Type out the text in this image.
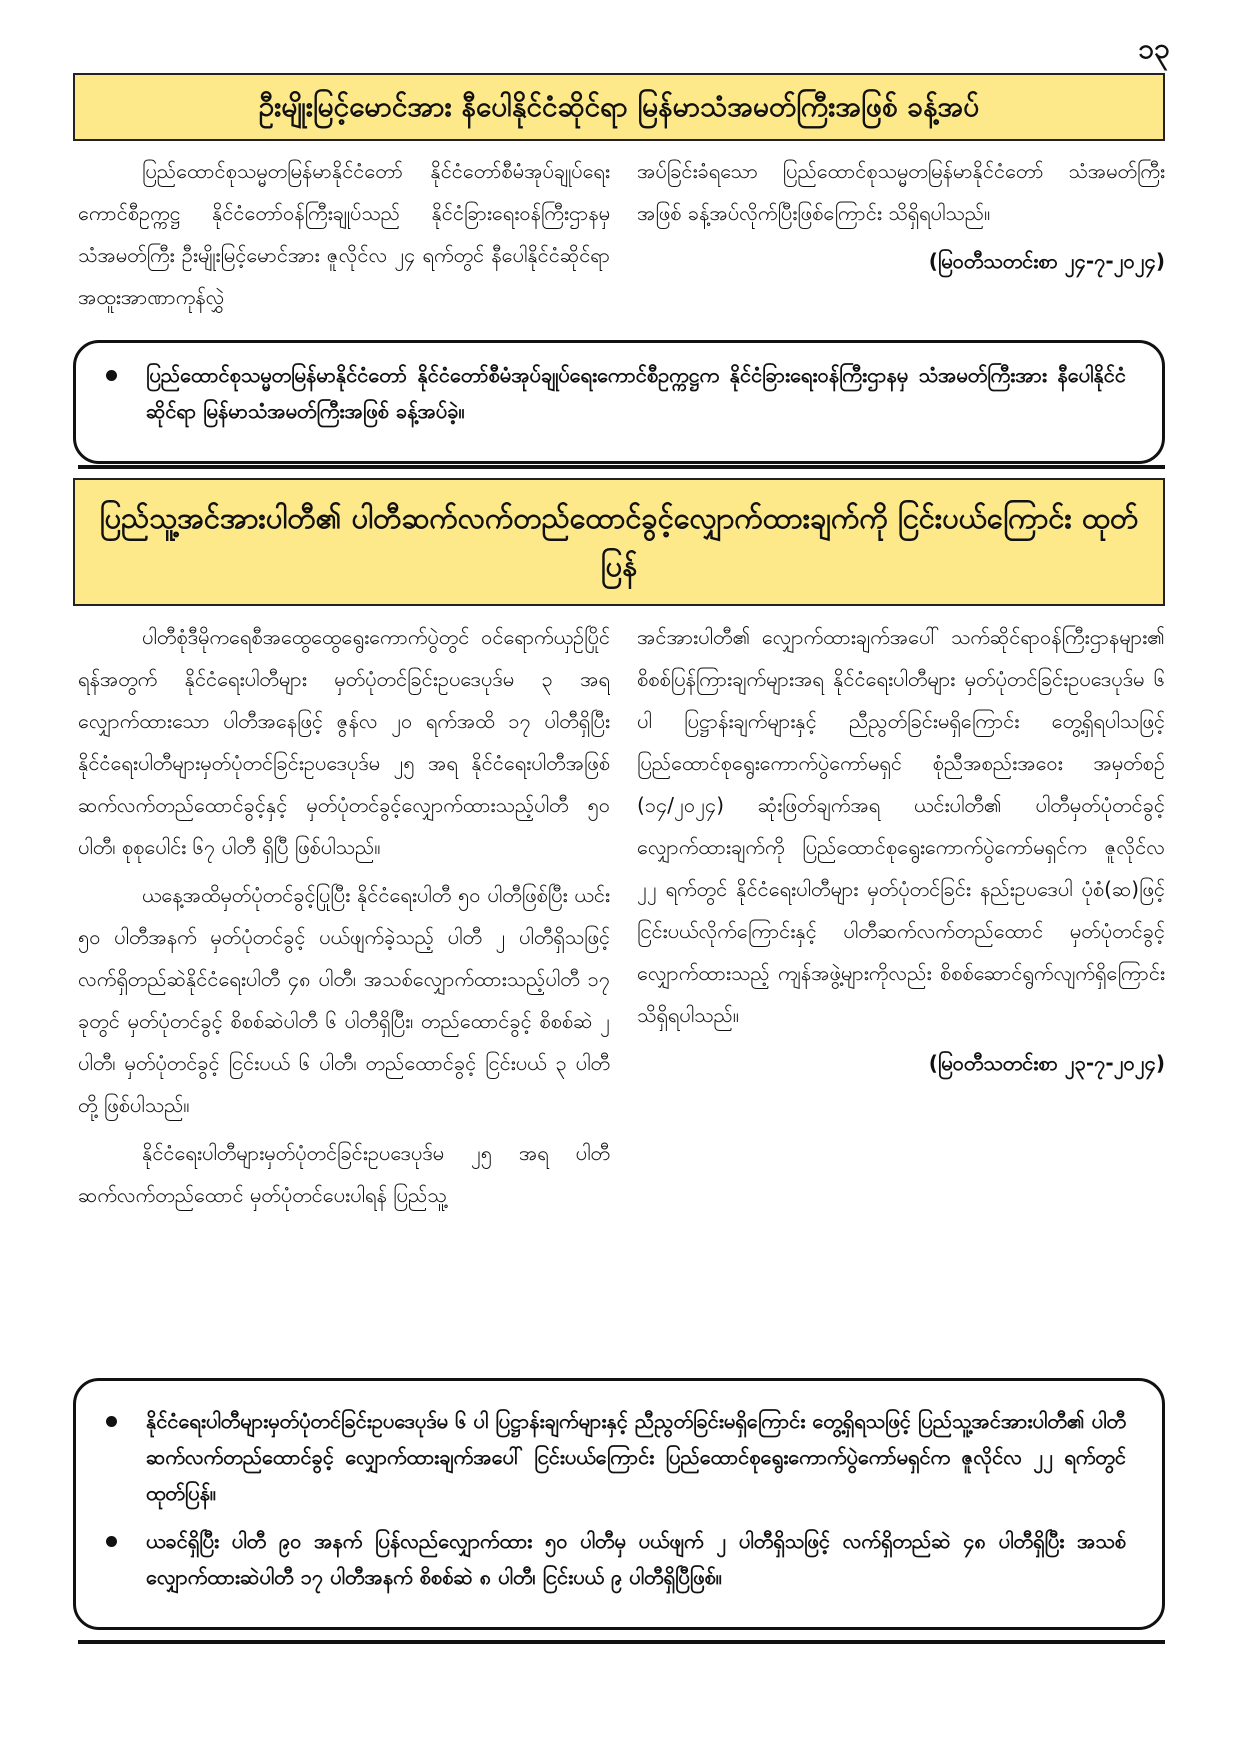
၁၃
ဦးမျိုးမြင့်မောင်အား နီပေါနိုင်ငံဆိုင်ရာ မြန်မာသံအမတ်ကြီးအဖြစ် ခန့်အပ်

ပြည်ထောင်စုသမ္မတမြန်မာနိုင်ငံတော် နိုင်ငံတော်စီမံအုပ်ချုပ်ရေးကောင်စီဥက္ကဋ္ဌ နိုင်ငံတော်ဝန်ကြီးချုပ်သည် နိုင်ငံခြားရေးဝန်ကြီးဌာနမှ သံအမတ်ကြီး ဦးမျိုးမြင့်မောင်အား ဇူလိုင်လ ၂၄ ရက်တွင် နီပေါနိုင်ငံဆိုင်ရာ အထူးအာဏာကုန်လွှဲ

အပ်ခြင်းခံရသော ပြည်ထောင်စုသမ္မတမြန်မာနိုင်ငံတော် သံအမတ်ကြီးအဖြစ် ခန့်အပ်လိုက်ပြီးဖြစ်ကြောင်း သိရှိရပါသည်။

(မြဝတီသတင်းစာ ၂၄-၇-၂၀၂၄)

ပြည်ထောင်စုသမ္မတမြန်မာနိုင်ငံတော် နိုင်ငံတော်စီမံအုပ်ချုပ်ရေးကောင်စီဥက္ကဋ္ဌက နိုင်ငံခြားရေးဝန်ကြီးဌာနမှ သံအမတ်ကြီးအား နီပေါနိုင်ငံဆိုင်ရာ မြန်မာသံအမတ်ကြီးအဖြစ် ခန့်အပ်ခဲ့။
ပြည်သူ့အင်အားပါတီ၏ ပါတီဆက်လက်တည်ထောင်ခွင့်လျှောက်ထားချက်ကို ငြင်းပယ်ကြောင်း ထုတ်ပြန်

ပါတီစုံဒီမိုကရေစီအထွေထွေရွေးကောက်ပွဲတွင် ဝင်ရောက်ယှဉ်ပြိုင်ရန်အတွက် နိုင်ငံရေးပါတီများ မှတ်ပုံတင်ခြင်းဥပဒေပုဒ်မ ၃ အရ လျှောက်ထားသော ပါတီအနေဖြင့် ဇွန်လ ၂၀ ရက်အထိ ၁၇ ပါတီရှိပြီး နိုင်ငံရေးပါတီများမှတ်ပုံတင်ခြင်းဥပဒေပုဒ်မ ၂၅ အရ နိုင်ငံရေးပါတီအဖြစ် ဆက်လက်တည်ထောင်ခွင့်နှင့် မှတ်ပုံတင်ခွင့်လျှောက်ထားသည့်ပါတီ ၅၀ ပါတီ၊ စုစုပေါင်း ၆၇ ပါတီ ရှိပြီ ဖြစ်ပါသည်။

ယနေ့အထိမှတ်ပုံတင်ခွင့်ပြုပြီး နိုင်ငံရေးပါတီ ၅၀ ပါတီဖြစ်ပြီး ယင်း ၅၀ ပါတီအနက် မှတ်ပုံတင်ခွင့် ပယ်ဖျက်ခဲ့သည့် ပါတီ ၂ ပါတီရှိသဖြင့် လက်ရှိတည်ဆဲနိုင်ငံရေးပါတီ ၄၈ ပါတီ၊ အသစ်လျှောက်ထားသည့်ပါတီ ၁၇ ခုတွင် မှတ်ပုံတင်ခွင့် စိစစ်ဆဲပါတီ ၆ ပါတီရှိပြီး၊ တည်ထောင်ခွင့် စိစစ်ဆဲ ၂ ပါတီ၊ မှတ်ပုံတင်ခွင့် ငြင်းပယ် ၆ ပါတီ၊ တည်ထောင်ခွင့် ငြင်းပယ် ၃ ပါတီ တို့ ဖြစ်ပါသည်။

နိုင်ငံရေးပါတီများမှတ်ပုံတင်ခြင်းဥပဒေပုဒ်မ ၂၅ အရ ပါတီဆက်လက်တည်ထောင် မှတ်ပုံတင်ပေးပါရန် ပြည်သူ့

အင်အားပါတီ၏ လျှောက်ထားချက်အပေါ် သက်ဆိုင်ရာဝန်ကြီးဌာနများ၏ စိစစ်ပြန်ကြားချက်များအရ နိုင်ငံရေးပါတီများ မှတ်ပုံတင်ခြင်းဥပဒေပုဒ်မ ၆ ပါ ပြဋ္ဌာန်းချက်များနှင့် ညီညွတ်ခြင်းမရှိကြောင်း တွေ့ရှိရပါသဖြင့် ပြည်ထောင်စုရွေးကောက်ပွဲကော်မရှင် စုံညီအစည်းအဝေး အမှတ်စဉ် (၁၄/၂၀၂၄) ဆုံးဖြတ်ချက်အရ ယင်းပါတီ၏ ပါတီမှတ်ပုံတင်ခွင့် လျှောက်ထားချက်ကို ပြည်ထောင်စုရွေးကောက်ပွဲကော်မရှင်က ဇူလိုင်လ ၂၂ ရက်တွင် နိုင်ငံရေးပါတီများ မှတ်ပုံတင်ခြင်း နည်းဥပဒေပါ ပုံစံ(ဆ)ဖြင့် ငြင်းပယ်လိုက်ကြောင်းနှင့် ပါတီဆက်လက်တည်ထောင် မှတ်ပုံတင်ခွင့် လျှောက်ထားသည့် ကျန်အဖွဲ့များကိုလည်း စိစစ်ဆောင်ရွက်လျက်ရှိကြောင်း သိရှိရပါသည်။

(မြဝတီသတင်းစာ ၂၃-၇-၂၀၂၄)

နိုင်ငံရေးပါတီများမှတ်ပုံတင်ခြင်းဥပဒေပုဒ်မ ၆ ပါ ပြဋ္ဌာန်းချက်များနှင့် ညီညွတ်ခြင်းမရှိကြောင်း တွေ့ရှိရသဖြင့် ပြည်သူ့အင်အားပါတီ၏ ပါတီဆက်လက်တည်ထောင်ခွင့် လျှောက်ထားချက်အပေါ် ငြင်းပယ်ကြောင်း ပြည်ထောင်စုရွေးကောက်ပွဲကော်မရှင်က ဇူလိုင်လ ၂၂ ရက်တွင် ထုတ်ပြန်။
ယခင်ရှိပြီး ပါတီ ၉၀ အနက် ပြန်လည်လျှောက်ထား ၅၀ ပါတီမှ ပယ်ဖျက် ၂ ပါတီရှိသဖြင့် လက်ရှိတည်ဆဲ ၄၈ ပါတီရှိပြီး အသစ်လျှောက်ထားဆဲပါတီ ၁၇ ပါတီအနက် စိစစ်ဆဲ ၈ ပါတီ၊ ငြင်းပယ် ၉ ပါတီရှိပြီဖြစ်။
